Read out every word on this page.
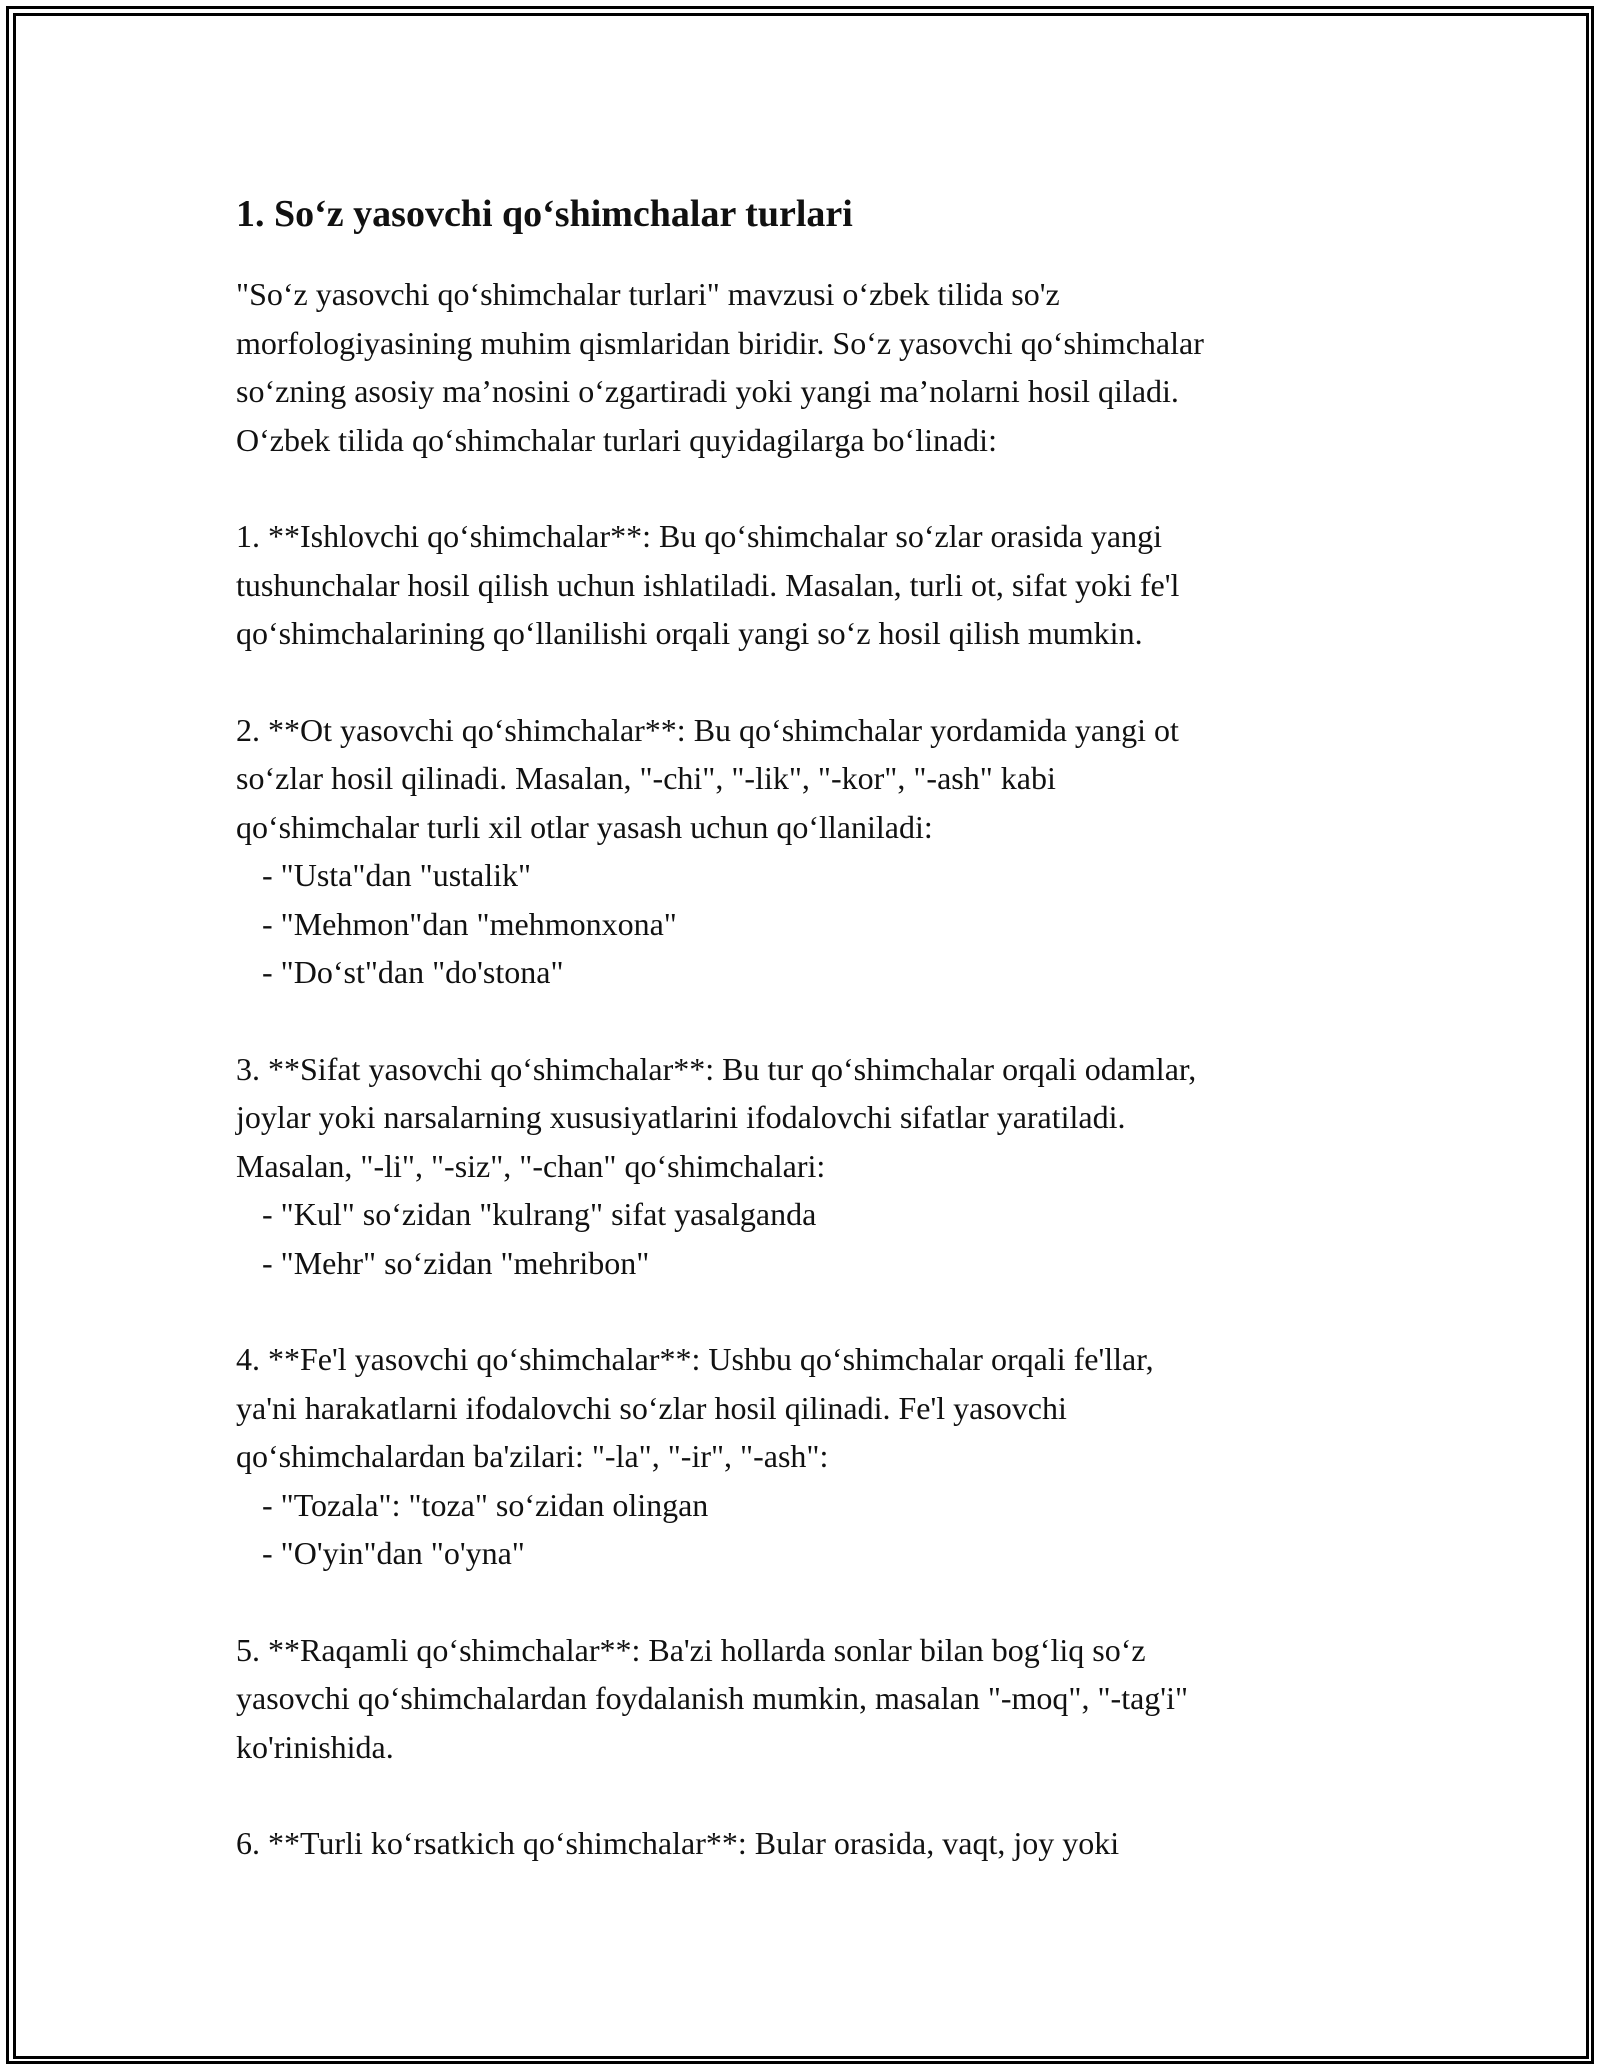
1. So‘z yasovchi qo‘shimchalar turlari
"So‘z yasovchi qo‘shimchalar turlari" mavzusi o‘zbek tilida so'z
morfologiyasining muhim qismlaridan biridir. So‘z yasovchi qo‘shimchalar
so‘zning asosiy ma’nosini o‘zgartiradi yoki yangi ma’nolarni hosil qiladi.
O‘zbek tilida qo‘shimchalar turlari quyidagilarga bo‘linadi:
1. **Ishlovchi qo‘shimchalar**: Bu qo‘shimchalar so‘zlar orasida yangi
tushunchalar hosil qilish uchun ishlatiladi. Masalan, turli ot, sifat yoki fe'l
qo‘shimchalarining qo‘llanilishi orqali yangi so‘z hosil qilish mumkin.
2. **Ot yasovchi qo‘shimchalar**: Bu qo‘shimchalar yordamida yangi ot
so‘zlar hosil qilinadi. Masalan, "-chi", "-lik", "-kor", "-ash" kabi
qo‘shimchalar turli xil otlar yasash uchun qo‘llaniladi:
- "Usta"dan "ustalik"
- "Mehmon"dan "mehmonxona"
- "Do‘st"dan "do'stona"
3. **Sifat yasovchi qo‘shimchalar**: Bu tur qo‘shimchalar orqali odamlar,
joylar yoki narsalarning xususiyatlarini ifodalovchi sifatlar yaratiladi.
Masalan, "-li", "-siz", "-chan" qo‘shimchalari:
- "Kul" so‘zidan "kulrang" sifat yasalganda
- "Mehr" so‘zidan "mehribon"
4. **Fe'l yasovchi qo‘shimchalar**: Ushbu qo‘shimchalar orqali fe'llar,
ya'ni harakatlarni ifodalovchi so‘zlar hosil qilinadi. Fe'l yasovchi
qo‘shimchalardan ba'zilari: "-la", "-ir", "-ash":
- "Tozala": "toza" so‘zidan olingan
- "O'yin"dan "o'yna"
5. **Raqamli qo‘shimchalar**: Ba'zi hollarda sonlar bilan bog‘liq so‘z
yasovchi qo‘shimchalardan foydalanish mumkin, masalan "-moq", "-tag'i"
ko'rinishida.
6. **Turli ko‘rsatkich qo‘shimchalar**: Bular orasida, vaqt, joy yoki
